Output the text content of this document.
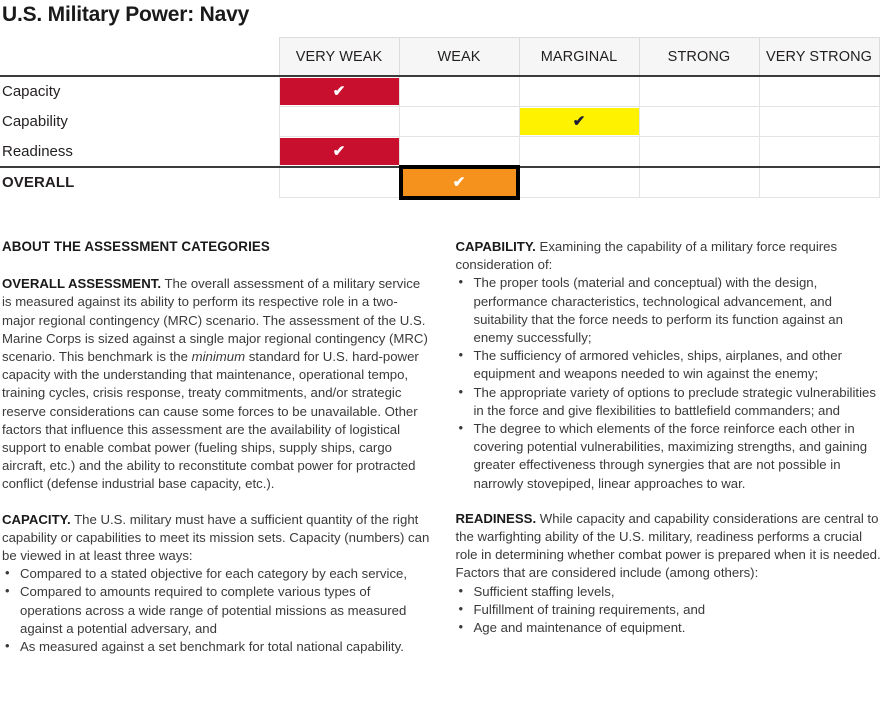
U.S. Military Power: Navy
	VERY WEAK	WEAK	MARGINAL	STRONG	VERY STRONG
Capacity	✔				

Capability			✔		

Readiness	✔				

OVERALL		✔			

ABOUT THE ASSESSMENT CATEGORIES

OVERALL ASSESSMENT. The overall assessment of a military service is measured against its ability to perform its respective role in a two-major regional contingency (MRC) scenario. The assessment of the U.S. Marine Corps is sized against a single major regional contingency (MRC) scenario. This benchmark is the minimum standard for U.S. hard-power capacity with the understanding that maintenance, operational tempo, training cycles, crisis response, treaty commitments, and/or strategic reserve considerations can cause some forces to be unavailable. Other factors that influence this assessment are the availability of logistical support to enable combat power (fueling ships, supply ships, cargo aircraft, etc.) and the ability to reconstitute combat power for protracted conflict (defense industrial base capacity, etc.).

CAPACITY. The U.S. military must have a sufficient quantity of the right capability or capabilities to meet its mission sets. Capacity (numbers) can be viewed in at least three ways:

• Compared to a stated objective for each category by each service,
• Compared to amounts required to complete various types of operations across a wide range of potential missions as measured against a potential adversary, and
• As measured against a set benchmark for total national capability.

CAPABILITY. Examining the capability of a military force requires consideration of:

• The proper tools (material and conceptual) with the design, performance characteristics, technological advancement, and suitability that the force needs to perform its function against an enemy successfully;
• The sufficiency of armored vehicles, ships, airplanes, and other equipment and weapons needed to win against the enemy;
• The appropriate variety of options to preclude strategic vulnerabilities in the force and give flexibilities to battlefield commanders; and
• The degree to which elements of the force reinforce each other in covering potential vulnerabilities, maximizing strengths, and gaining greater effectiveness through synergies that are not possible in narrowly stovepiped, linear approaches to war.

READINESS. While capacity and capability considerations are central to the warfighting ability of the U.S. military, readiness performs a crucial role in determining whether combat power is prepared when it is needed. Factors that are considered include (among others):

• Sufficient staffing levels,
• Fulfillment of training requirements, and
• Age and maintenance of equipment.
